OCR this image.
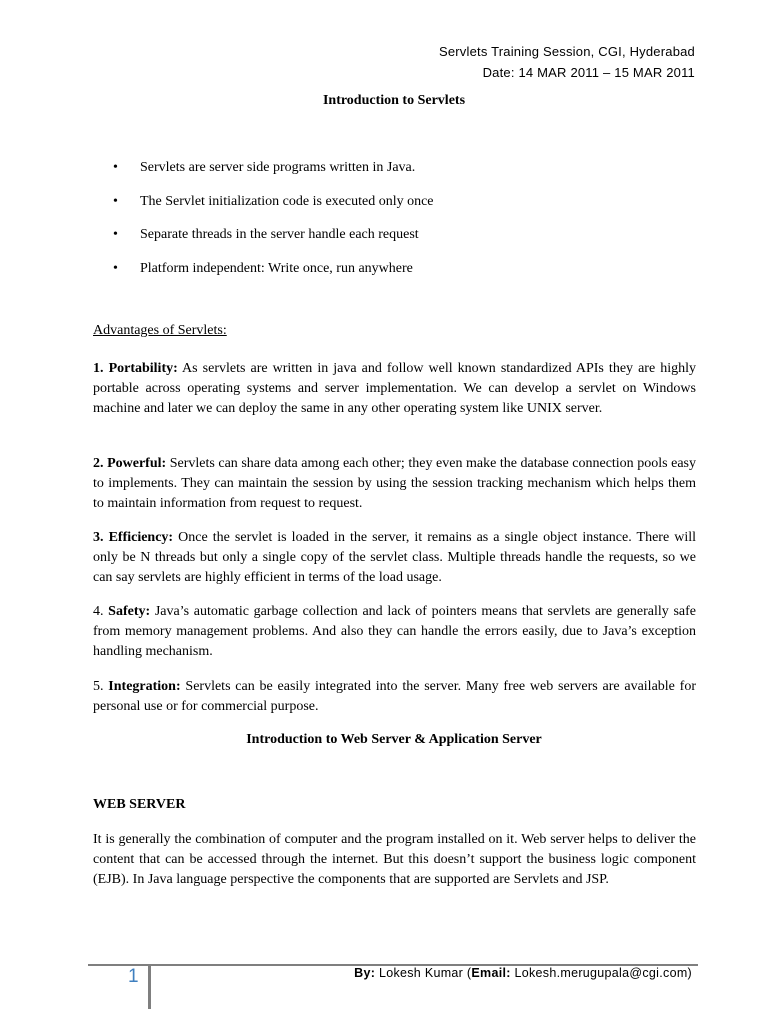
Servlets Training Session, CGI, Hyderabad
Date: 14 MAR 2011 – 15 MAR 2011
Introduction to Servlets
• Servlets are server side programs written in Java.
• The Servlet initialization code is executed only once
• Separate threads in the server handle each request
• Platform independent: Write once, run anywhere
Advantages of Servlets:

1. Portability: As servlets are written in java and follow well known standardized APIs they are highly portable across operating systems and server implementation. We can develop a servlet on Windows machine and later we can deploy the same in any other operating system like UNIX server.

2. Powerful: Servlets can share data among each other; they even make the database connection pools easy to implements. They can maintain the session by using the session tracking mechanism which helps them to maintain information from request to request.

3. Efficiency: Once the servlet is loaded in the server, it remains as a single object instance. There will only be N threads but only a single copy of the servlet class. Multiple threads handle the requests, so we can say servlets are highly efficient in terms of the load usage.

4. Safety: Java’s automatic garbage collection and lack of pointers means that servlets are generally safe from memory management problems. And also they can handle the errors easily, due to Java’s exception handling mechanism.

5. Integration: Servlets can be easily integrated into the server. Many free web servers are available for personal use or for commercial purpose.

Introduction to Web Server & Application Server
WEB SERVER

It is generally the combination of computer and the program installed on it. Web server helps to deliver the content that can be accessed through the internet. But this doesn’t support the business logic component (EJB). In Java language perspective the components that are supported are Servlets and JSP.

1	By: Lokesh Kumar (Email: Lokesh.merugupala@cgi.com)
